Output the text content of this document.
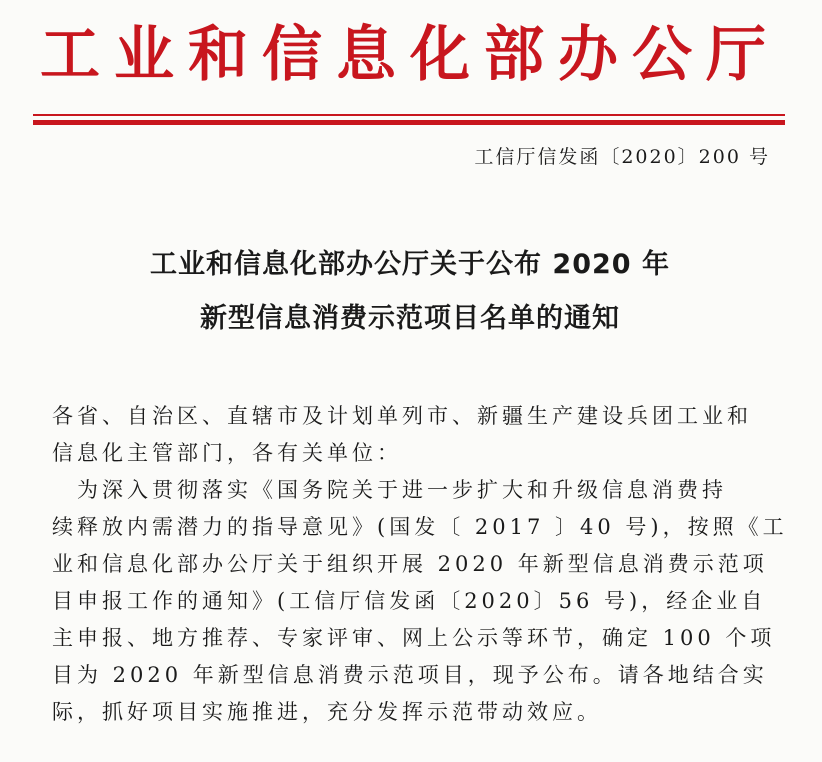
工业和信息化部办公厅
工信厅信发函〔2020〕200 号
工业和信息化部办公厅关于公布 2020 年
新型信息消费示范项目名单的通知
各省、自治区、直辖市及计划单列市、新疆生产建设兵团工业和
信息化主管部门，各有关单位：
　为深入贯彻落实《国务院关于进一步扩大和升级信息消费持
续释放内需潜力的指导意见》(国发〔 2017 〕40 号)，按照《工
业和信息化部办公厅关于组织开展 2020 年新型信息消费示范项
目申报工作的通知》(工信厅信发函〔2020〕56 号)，经企业自
主申报、地方推荐、专家评审、网上公示等环节，确定 100 个项
目为 2020 年新型信息消费示范项目，现予公布。请各地结合实
际，抓好项目实施推进，充分发挥示范带动效应。
